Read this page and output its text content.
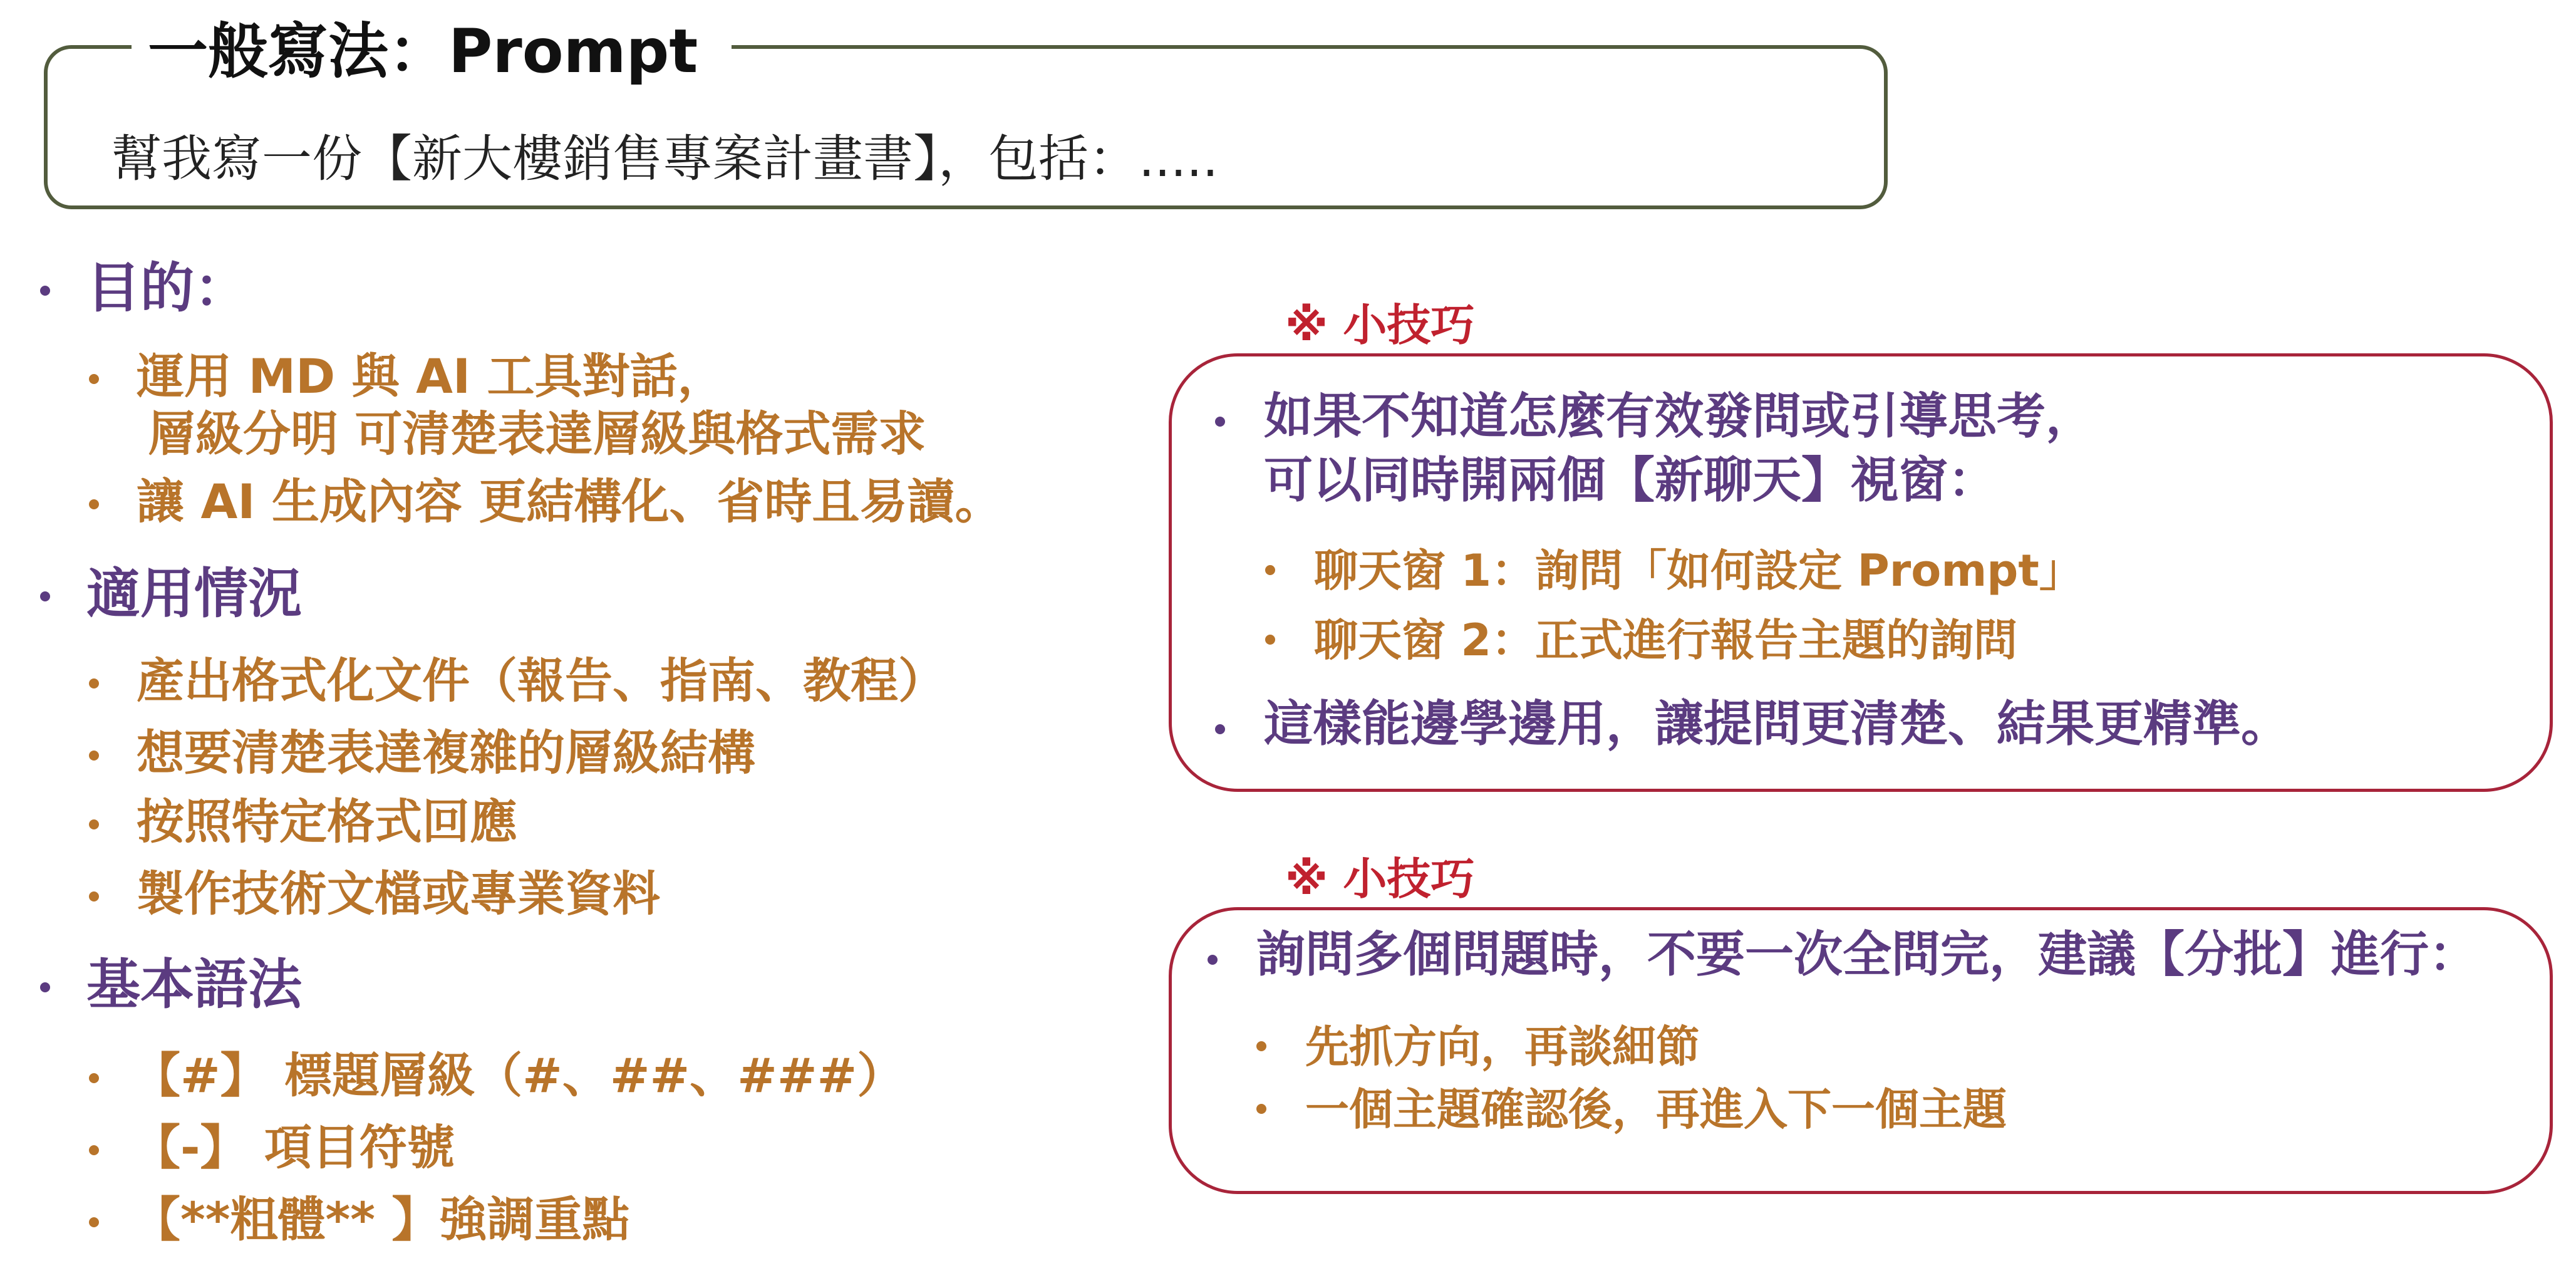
一般寫法：Prompt
幫我寫一份【新大樓銷售專案計畫書】，包括：.....
目的：
運用 MD 與 AI 工具對話，
層級分明 可清楚表達層級與格式需求
讓 AI 生成內容 更結構化、省時且易讀。
適用情況
產出格式化文件（報告、指南、教程）
想要清楚表達複雜的層級結構
按照特定格式回應
製作技術文檔或專業資料
基本語法
【#】 標題層級（#、##、###）
【-】 項目符號
【**粗體** 】強調重點
※ 小技巧
如果不知道怎麼有效發問或引導思考，
可以同時開兩個【新聊天】視窗：
聊天窗 1：詢問「如何設定 Prompt」
聊天窗 2：正式進行報告主題的詢問
這樣能邊學邊用，讓提問更清楚、結果更精準。
※ 小技巧
詢問多個問題時，不要一次全問完，建議【分批】進行：
先抓方向，再談細節
一個主題確認後，再進入下一個主題
